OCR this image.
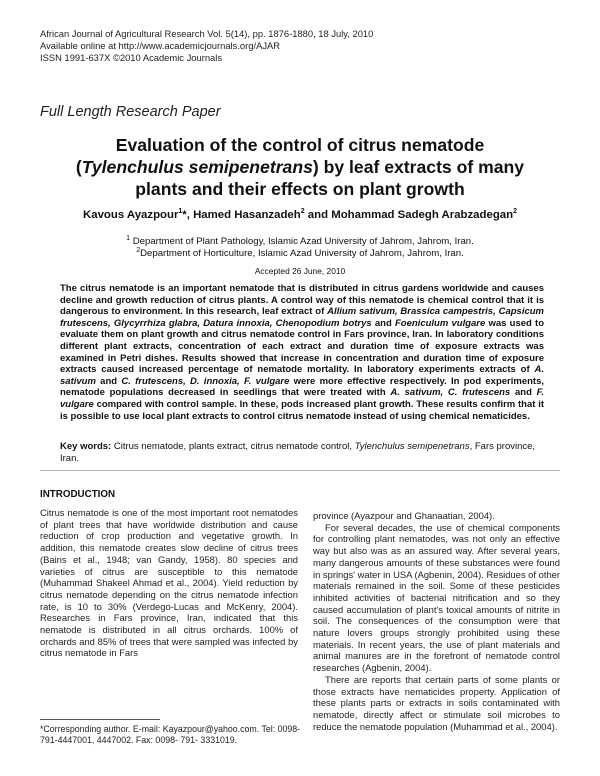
African Journal of Agricultural Research Vol. 5(14), pp. 1876-1880, 18 July, 2010
Available online at http://www.academicjournals.org/AJAR
ISSN 1991-637X ©2010 Academic Journals
Full Length Research Paper
Evaluation of the control of citrus nematode
(Tylenchulus semipenetrans) by leaf extracts of many
plants and their effects on plant growth
Kavous Ayazpour$^1$*, Hamed Hasanzadeh$^2$ and Mohammad Sadegh Arabzadegan$^2$
$^1$ Department of Plant Pathology, Islamic Azad University of Jahrom, Jahrom, Iran.
$^2$Department of Horticulture, Islamic Azad University of Jahrom, Jahrom, Iran.
Accepted 26 June, 2010
The citrus nematode is an important nematode that is distributed in citrus gardens worldwide and causes decline and growth reduction of citrus plants. A control way of this nematode is chemical control that it is dangerous to environment. In this research, leaf extract of Allium sativum, Brassica campestris, Capsicum frutescens, Glycyrrhiza glabra, Datura innoxia, Chenopodium botrys and Foeniculum vulgare was used to evaluate them on plant growth and citrus nematode control in Fars province, Iran. In laboratory conditions different plant extracts, concentration of each extract and duration time of exposure extracts was examined in Petri dishes. Results showed that increase in concentration and duration time of exposure extracts caused increased percentage of nematode mortality. In laboratory experiments extracts of A. sativum and C. frutescens, D. innoxia, F. vulgare were more effective respectively. In pod experiments, nematode populations decreased in seedlings that were treated with A. sativum, C. frutescens and F. vulgare compared with control sample. In these, pods increased plant growth. These results confirm that it is possible to use local plant extracts to control citrus nematode instead of using chemical nematicides.
Key words: Citrus nematode, plants extract, citrus nematode control, Tylenchulus semipenetrans, Fars province, Iran.
INTRODUCTION

Citrus nematode is one of the most important root nematodes of plant trees that have worldwide distribution and cause reduction of crop production and vegetative growth. In addition, this nematode creates slow decline of citrus trees (Bains et al., 1948; van Gandy, 1958). 80 species and varieties of citrus are susceptible to this nematode (Muhammad Shakeel Ahmad et al., 2004). Yield reduction by citrus nematode depending on the citrus nematode infection rate, is 10 to 30% (Verdego-Lucas and McKenry, 2004). Researches in Fars province, Iran, indicated that this nematode is distributed in all citrus orchards. 100% of orchards and 85% of trees that were sampled was infected by citrus nematode in Fars

province (Ayazpour and Ghanaatian, 2004).

For several decades, the use of chemical components for controlling plant nematodes, was not only an effective way but also was as an assured way. After several years, many dangerous amounts of these substances were found in springs' water in USA (Agbenin, 2004). Residues of other materials remained in the soil. Some of these pesticides inhibited activities of bacterial nitrification and so they caused accumulation of plant's toxical amounts of nitrite in soil. The consequences of the consumption were that nature lovers groups strongly prohibited using these materials. In recent years, the use of plant materials and animal manures are in the forefront of nematode control researches (Agbenin, 2004).

There are reports that certain parts of some plants or those extracts have nematicides property. Application of these plants parts or extracts in soils contaminated with nematode, directly affect or stimulate soil microbes to reduce the nematode population (Muhammad et al., 2004).

*Corresponding author. E-mail: Kayazpour@yahoo.com. Tel: 0098-791-4447001, 4447002. Fax: 0098- 791- 3331019.
